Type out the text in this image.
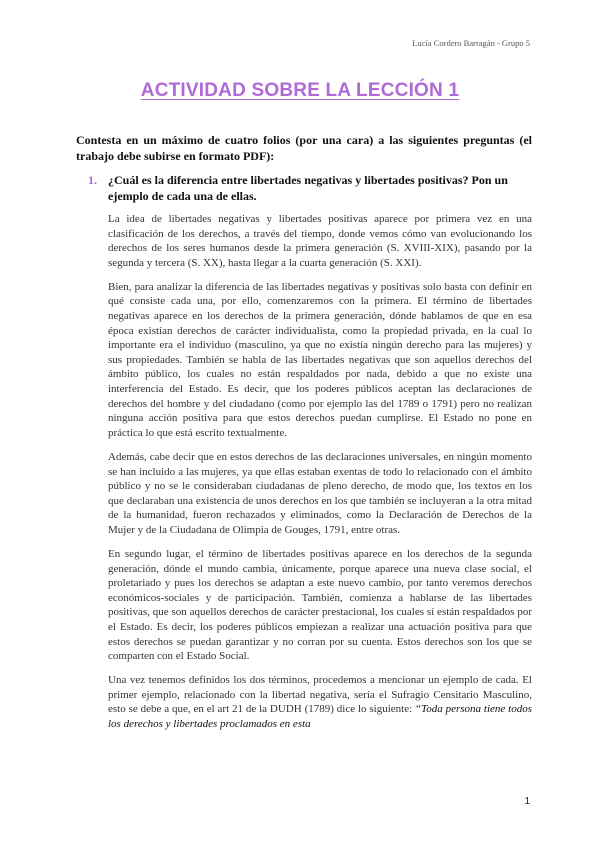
Lucía Cordero Barragán - Grupo 5
ACTIVIDAD SOBRE LA LECCIÓN 1
Contesta en un máximo de cuatro folios (por una cara) a las siguientes preguntas (el trabajo debe subirse en formato PDF):
1. ¿Cuál es la diferencia entre libertades negativas y libertades positivas? Pon un ejemplo de cada una de ellas.

La idea de libertades negativas y libertades positivas aparece por primera vez en una clasificación de los derechos, a través del tiempo, donde vemos cómo van evolucionando los derechos de los seres humanos desde la primera generación (S. XVIII-XIX), pasando por la segunda y tercera (S. XX), hasta llegar a la cuarta generación (S. XXI).

Bien, para analizar la diferencia de las libertades negativas y positivas solo basta con definir en qué consiste cada una, por ello, comenzaremos con la primera. El término de libertades negativas aparece en los derechos de la primera generación, dónde hablamos de que en esa época existían derechos de carácter individualista, como la propiedad privada, en la cual lo importante era el individuo (masculino, ya que no existía ningún derecho para las mujeres) y sus propiedades. También se habla de las libertades negativas que son aquellos derechos del ámbito público, los cuales no están respaldados por nada, debido a que no existe una interferencia del Estado. Es decir, que los poderes públicos aceptan las declaraciones de derechos del hombre y del ciudadano (como por ejemplo las del 1789 o 1791) pero no realizan ninguna acción positiva para que estos derechos puedan cumplirse. El Estado no pone en práctica lo que está escrito textualmente.

Además, cabe decir que en estos derechos de las declaraciones universales, en ningún momento se han incluido a las mujeres, ya que ellas estaban exentas de todo lo relacionado con el ámbito público y no se le consideraban ciudadanas de pleno derecho, de modo que, los textos en los que declaraban una existencia de unos derechos en los que también se incluyeran a la otra mitad de la humanidad, fueron rechazados y eliminados, como la Declaración de Derechos de la Mujer y de la Ciudadana de Olimpia de Gouges, 1791, entre otras.

En segundo lugar, el término de libertades positivas aparece en los derechos de la segunda generación, dónde el mundo cambia, únicamente, porque aparece una nueva clase social, el proletariado y pues los derechos se adaptan a este nuevo cambio, por tanto veremos derechos económicos-sociales y de participación. También, comienza a hablarse de las libertades positivas, que son aquellos derechos de carácter prestacional, los cuales sí están respaldados por el Estado. Es decir, los poderes públicos empiezan a realizar una actuación positiva para que estos derechos se puedan garantizar y no corran por su cuenta. Estos derechos son los que se comparten con el Estado Social.

Una vez tenemos definidos los dos términos, procedemos a mencionar un ejemplo de cada. El primer ejemplo, relacionado con la libertad negativa, sería el Sufragio Censitario Masculino, esto se debe a que, en el art 21 de la DUDH (1789) dice lo siguiente: “Toda persona tiene todos los derechos y libertades proclamados en esta

1
